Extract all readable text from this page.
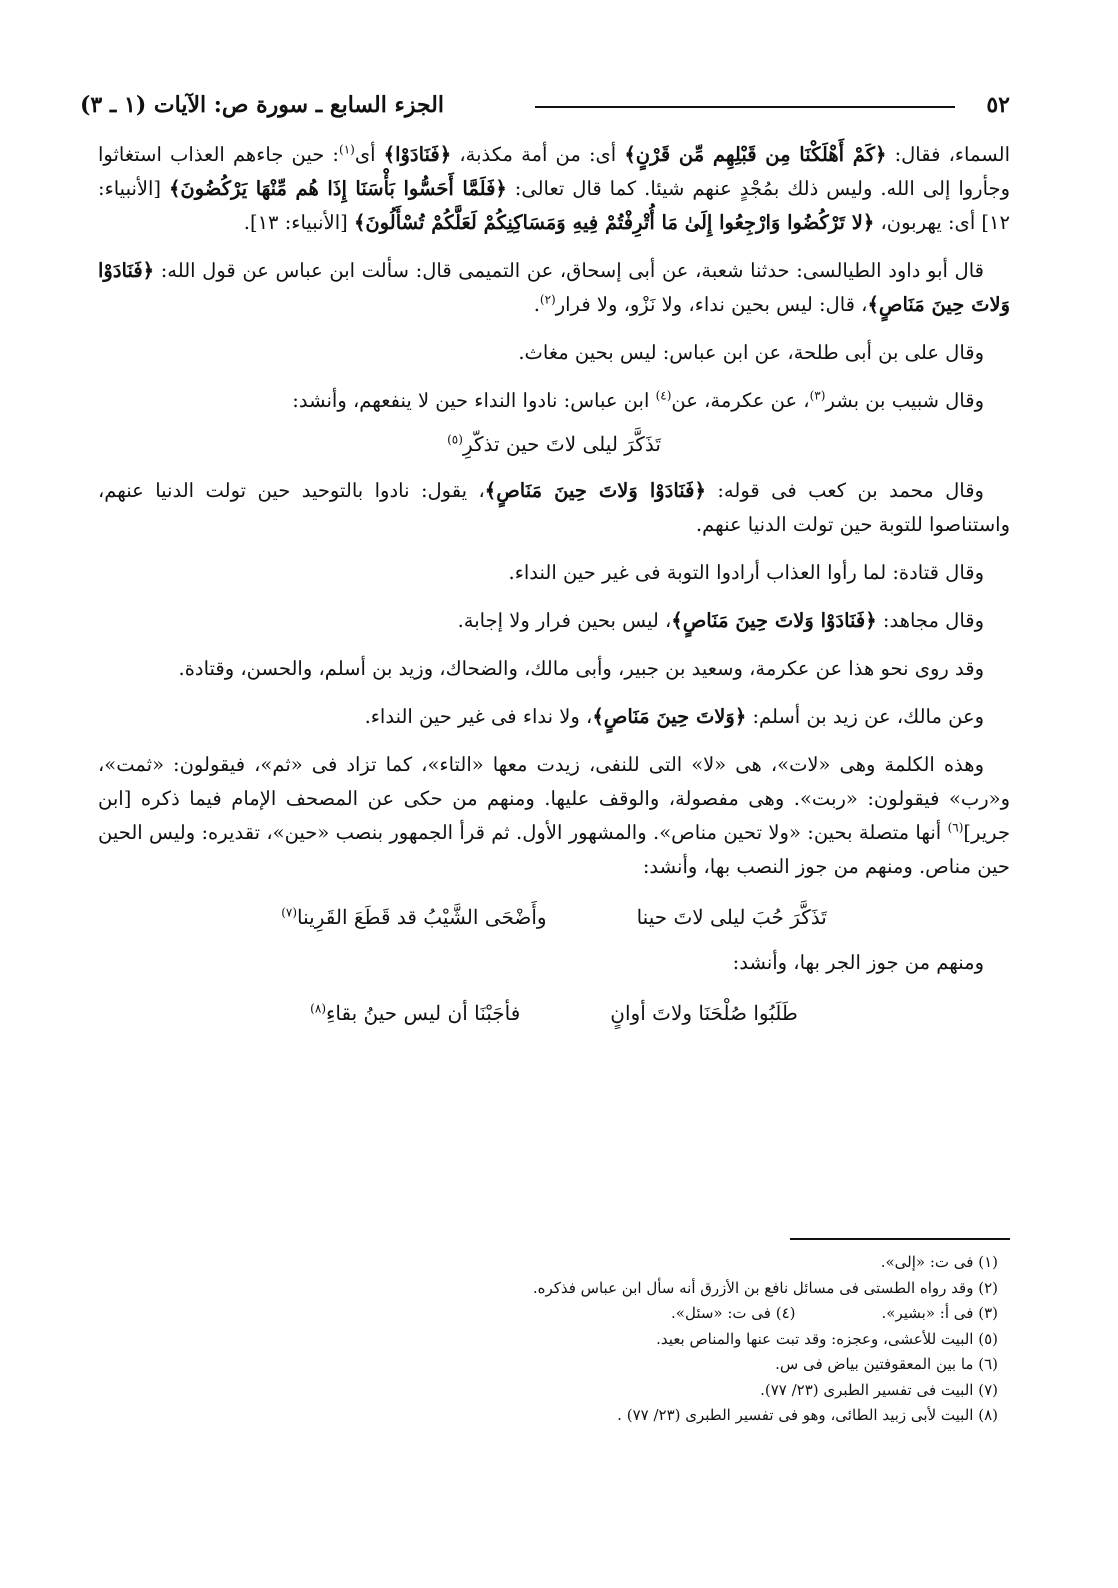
٥٢
الجزء السابع ـ سورة ص: الآيات (١ ـ ٣)

السماء، فقال: ﴿كَمْ أَهْلَكْنَا مِن قَبْلِهِم مِّن قَرْنٍ﴾ أى: من أمة مكذبة، ﴿فَنَادَوْا﴾ أى$^{(١)}$: حين جاءهم العذاب استغاثوا وجأروا إلى الله. وليس ذلك بمُجْدٍ عنهم شيئا. كما قال تعالى: ﴿فَلَمَّا أَحَسُّوا بَأْسَنَا إِذَا هُم مِّنْهَا يَرْكُضُونَ﴾ [الأنبياء: ١٢] أى: يهربون، ﴿لا تَرْكُضُوا وَارْجِعُوا إِلَىٰ مَا أُتْرِفْتُمْ فِيهِ وَمَسَاكِنِكُمْ لَعَلَّكُمْ تُسْأَلُونَ﴾ [الأنبياء: ١٣].

قال أبو داود الطيالسى: حدثنا شعبة، عن أبى إسحاق، عن التميمى قال: سألت ابن عباس عن قول الله: ﴿فَنَادَوْا وَلاتَ حِينَ مَنَاصٍ﴾، قال: ليس بحين نداء، ولا نَزْو، ولا فرار$^{(٢)}$.

وقال على بن أبى طلحة، عن ابن عباس: ليس بحين مغاث.

وقال شبيب بن بشر$^{(٣)}$، عن عكرمة، عن$^{(٤)}$ ابن عباس: نادوا النداء حين لا ينفعهم، وأنشد:

تَذَكَّرَ ليلى لاتَ حين تذكّرِ$^{(٥)}$

وقال محمد بن كعب فى قوله: ﴿فَنَادَوْا وَلاتَ حِينَ مَنَاصٍ﴾، يقول: نادوا بالتوحيد حين تولت الدنيا عنهم، واستناصوا للتوبة حين تولت الدنيا عنهم.

وقال قتادة: لما رأوا العذاب أرادوا التوبة فى غير حين النداء.

وقال مجاهد: ﴿فَنَادَوْا وَلاتَ حِينَ مَنَاصٍ﴾، ليس بحين فرار ولا إجابة.

وقد روى نحو هذا عن عكرمة، وسعيد بن جبير، وأبى مالك، والضحاك، وزيد بن أسلم، والحسن، وقتادة.

وعن مالك، عن زيد بن أسلم: ﴿وَلاتَ حِينَ مَنَاصٍ﴾، ولا نداء فى غير حين النداء.

وهذه الكلمة وهى «لات»، هى «لا» التى للنفى، زيدت معها «التاء»، كما تزاد فى «ثم»، فيقولون: «ثمت»، و«رب» فيقولون: «ربت». وهى مفصولة، والوقف عليها. ومنهم من حكى عن المصحف الإمام فيما ذكره [ابن جرير]$^{(٦)}$ أنها متصلة بحين: «ولا تحين مناص». والمشهور الأول. ثم قرأ الجمهور بنصب «حين»، تقديره: وليس الحين حين مناص. ومنهم من جوز النصب بها، وأنشد:

تَذَكَّرَ حُبَ ليلى لاتَ حينا
وأَضْحَى الشَّيْبُ قد قَطَعَ القَرِينا$^{(٧)}$

ومنهم من جوز الجر بها، وأنشد:

طَلَبُوا صُلْحَنَا ولاتَ أوانٍ
فأجَبْنَا أن ليس حينُ بقاءِ$^{(٨)}$
(١) فى ت: «إلى».
(٢) وقد رواه الطستى فى مسائل نافع بن الأزرق أنه سأل ابن عباس فذكره.
(٣) فى أ: «بشير».
(٤) فى ت: «سئل».
(٥) البيت للأعشى، وعجزه: وقد تبت عنها والمناص بعيد.
(٦) ما بين المعقوفتين بياض فى س.
(٧) البيت فى تفسير الطبرى (٢٣/ ٧٧).
(٨) البيت لأبى زبيد الطائى، وهو فى تفسير الطبرى (٢٣/ ٧٧) .
